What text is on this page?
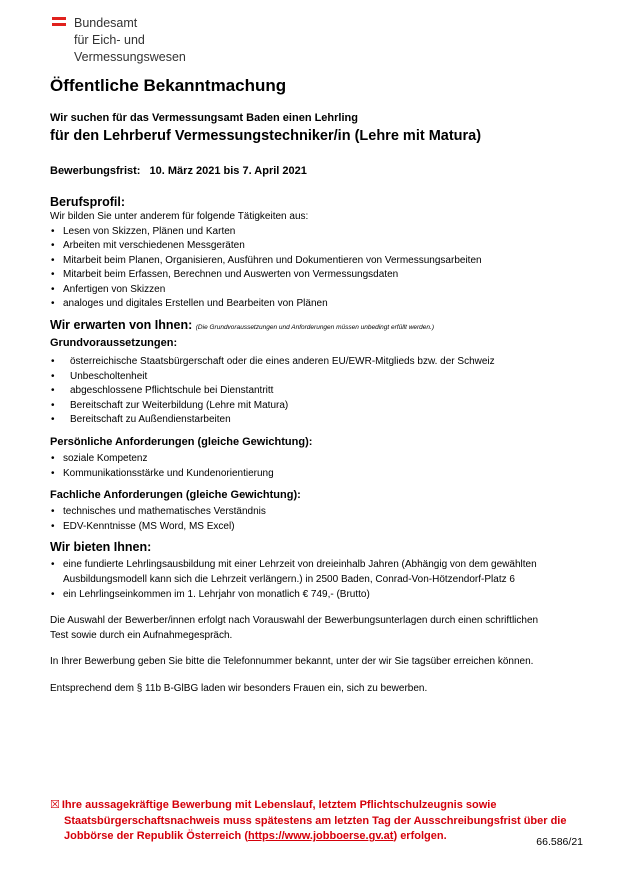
Bundesamt
für Eich- und
Vermessungswesen
Öffentliche Bekanntmachung
Wir suchen für das Vermessungsamt Baden einen Lehrling
für den Lehrberuf Vermessungstechniker/in (Lehre mit Matura)
Bewerbungsfrist: 10. März 2021 bis 7. April 2021

Berufsprofil:

Wir bilden Sie unter anderem für folgende Tätigkeiten aus:

• Lesen von Skizzen, Plänen und Karten
• Arbeiten mit verschiedenen Messgeräten
• Mitarbeit beim Planen, Organisieren, Ausführen und Dokumentieren von Vermessungsarbeiten
• Mitarbeit beim Erfassen, Berechnen und Auswerten von Vermessungsdaten
• Anfertigen von Skizzen
• analoges und digitales Erstellen und Bearbeiten von Plänen

Wir erwarten von Ihnen: (Die Grundvoraussetzungen und Anforderungen müssen unbedingt erfüllt werden.)

Grundvoraussetzungen:

• österreichische Staatsbürgerschaft oder die eines anderen EU/EWR-Mitglieds bzw. der Schweiz
• Unbescholtenheit
• abgeschlossene Pflichtschule bei Dienstantritt
• Bereitschaft zur Weiterbildung (Lehre mit Matura)
• Bereitschaft zu Außendienstarbeiten

Persönliche Anforderungen (gleiche Gewichtung):

• soziale Kompetenz
• Kommunikationsstärke und Kundenorientierung

Fachliche Anforderungen (gleiche Gewichtung):

• technisches und mathematisches Verständnis
• EDV-Kenntnisse (MS Word, MS Excel)

Wir bieten Ihnen:

• eine fundierte Lehrlingsausbildung mit einer Lehrzeit von dreieinhalb Jahren (Abhängig von dem gewählten
Ausbildungsmodell kann sich die Lehrzeit verlängern.) in 2500 Baden, Conrad-Von-Hötzendorf-Platz 6
• ein Lehrlingseinkommen im 1. Lehrjahr von monatlich € 749,- (Brutto)

Die Auswahl der Bewerber/innen erfolgt nach Vorauswahl der Bewerbungsunterlagen durch einen schriftlichen
Test sowie durch ein Aufnahmegespräch.

In Ihrer Bewerbung geben Sie bitte die Telefonnummer bekannt, unter der wir Sie tagsüber erreichen können.

Entsprechend dem § 11b B-GlBG laden wir besonders Frauen ein, sich zu bewerben.

☒ Ihre aussagekräftige Bewerbung mit Lebenslauf, letztem Pflichtschulzeugnis sowie
Staatsbürgerschaftsnachweis muss spätestens am letzten Tag der Ausschreibungsfrist über die
Jobbörse der Republik Österreich (https://www.jobboerse.gv.at) erfolgen.	66.586/21
